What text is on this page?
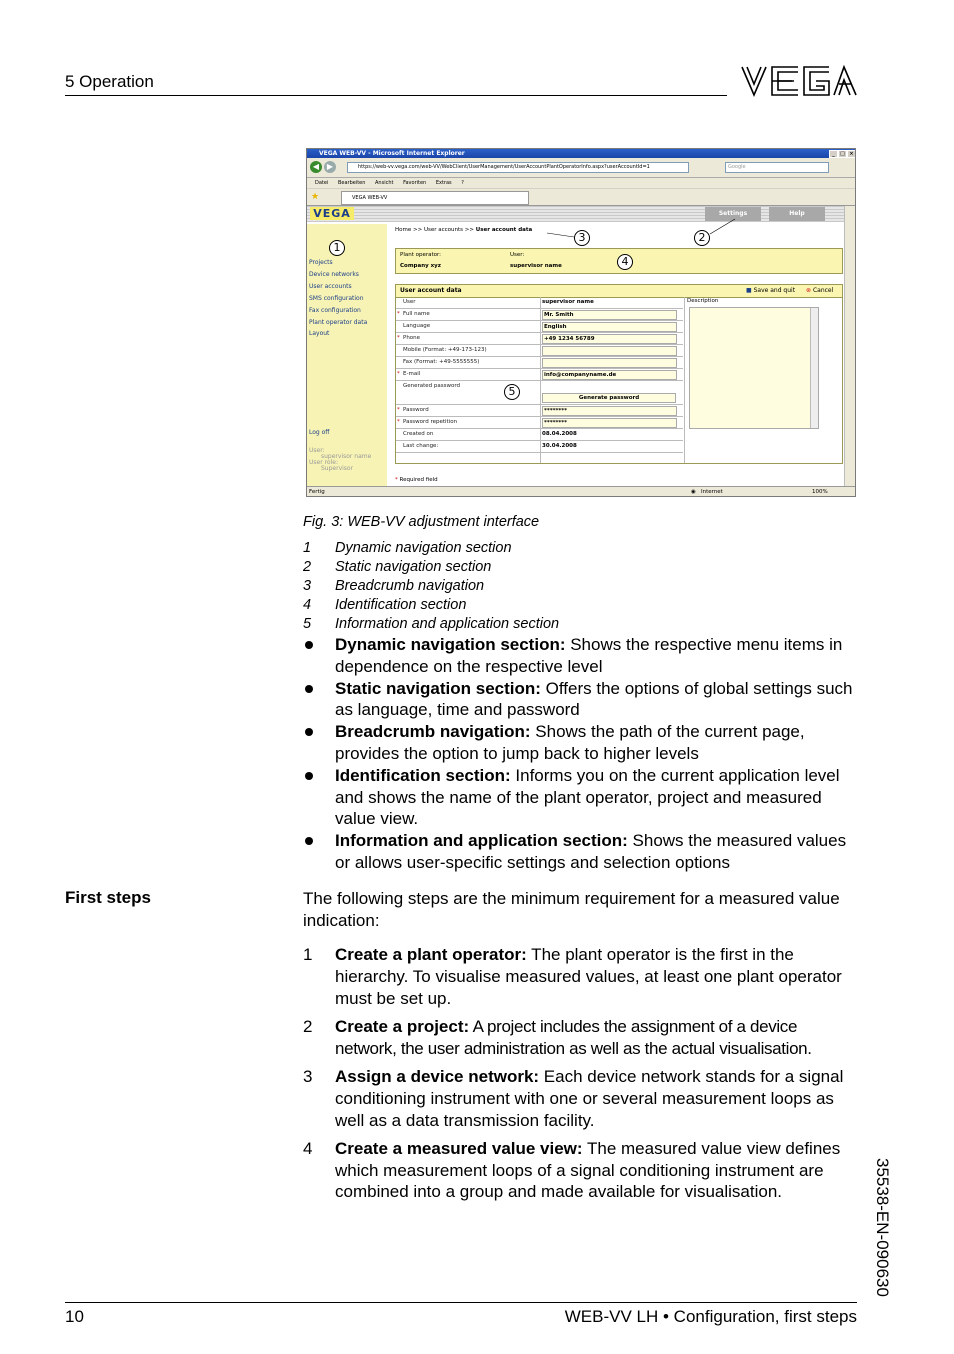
5 Operation
VEGA WEB-VV - Microsoft Internet Explorer	_	□ ×
◀ ▶	https://web-vv.vega.com/web-VV/WebClient/UserManagement/UserAccountPlantOperatorInfo.aspx?userAccountId=1	Google
Datei Bearbeiten Ansicht Favoriten Extras ?
★	VEGA WEB-VV
VEGA	Settings	Help
Projects
Device networks
User accounts
SMS configuration
Fax configuration
Plant operator data
Layout
Log off
User:
supervisor name
User role:
Supervisor
Home >> User accounts >> User account data
Plant operator:
Company xyz
User:
supervisor name
User account data	■ Save and quit ⊗ Cancel
User	supervisor name
* Full name	Mr. Smith
Language	English
* Phone	+49 1234 56789
Mobile (Format: +49-173-123)
Fax (Format: +49-5555555)
* E-mail	info@companyname.de
Generated password
Generate password
* Password	********
* Password repetition	********
Created on	08.04.2008
Last change:	30.04.2008
Description
* Required field
Fertig	◉ Internet	100%
1
2
3
4
5
Fig. 3: WEB-VV adjustment interface
1 Dynamic navigation section
2 Static navigation section
3 Breadcrumb navigation
4 Identification section
5 Information and application section
Dynamic navigation section: Shows the respective menu items in dependence on the respective level
Static navigation section: Offers the options of global settings such as language, time and password
Breadcrumb navigation: Shows the path of the current page, provides the option to jump back to higher levels
Identification section: Informs you on the current application level and shows the name of the plant operator, project and measured value view.
Information and application section: Shows the measured values or allows user-specific settings and selection options
First steps	The following steps are the minimum requirement for a measured value indication:
1 Create a plant operator: The plant operator is the first in the hierarchy. To visualise measured values, at least one plant operator must be set up.
2 Create a project: A project includes the assignment of a device network, the user administration as well as the actual visualisation.
3 Assign a device network: Each device network stands for a signal conditioning instrument with one or several measurement loops as well as a data transmission facility.
4 Create a measured value view: The measured value view defines which measurement loops of a signal conditioning instrument are combined into a group and made available for visualisation.	35538-EN-090630
10	WEB-VV LH • Configuration, first steps
